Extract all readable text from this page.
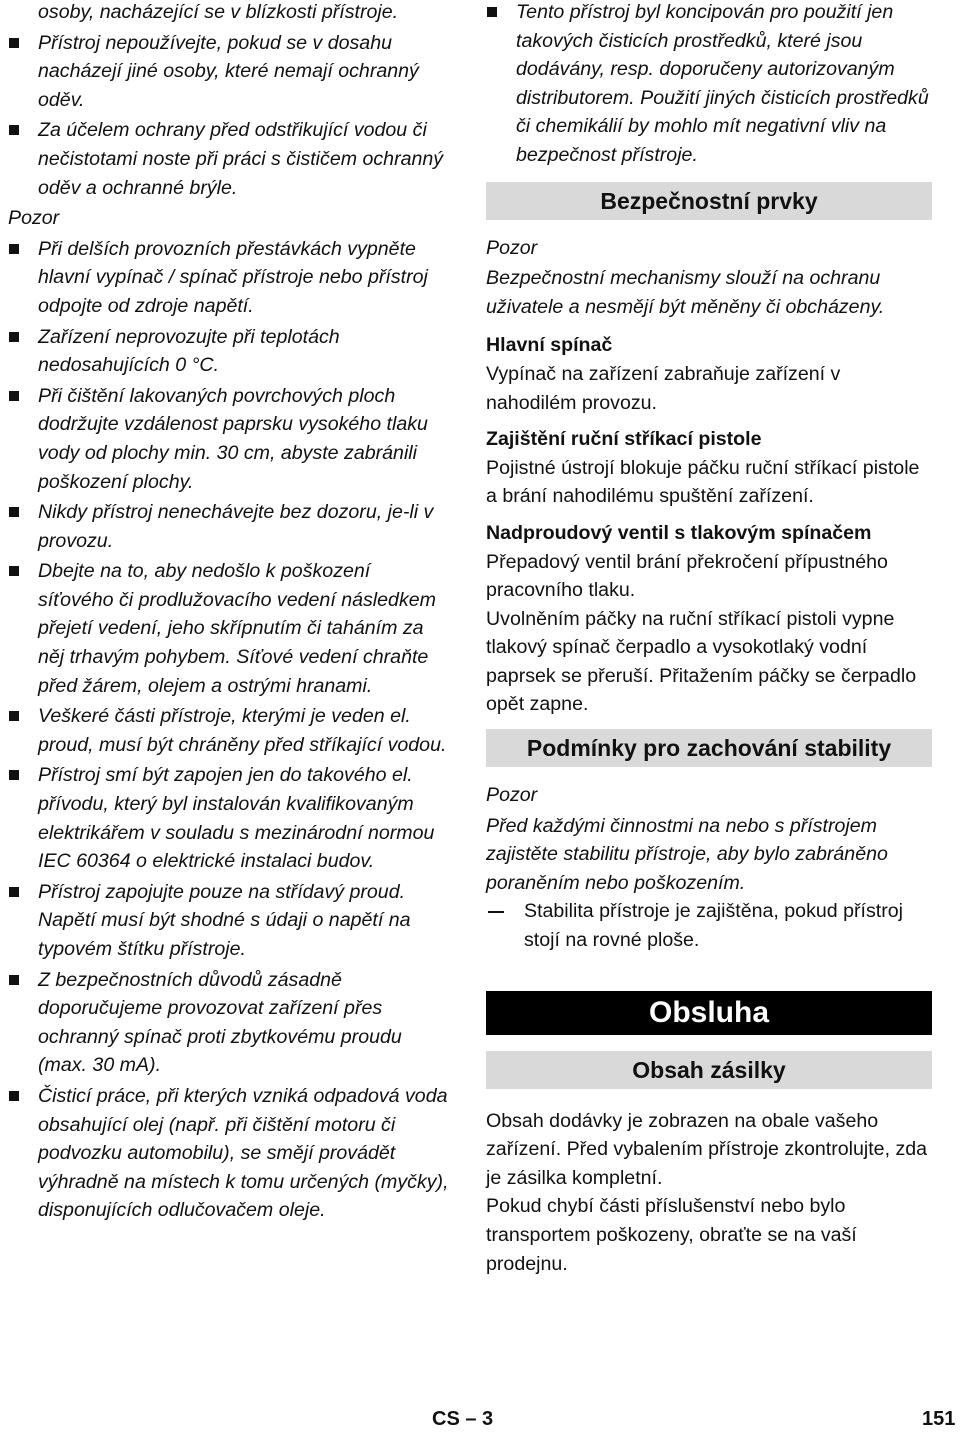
osoby, nacházející se v blízkosti přístroje.
Přístroj nepoužívejte, pokud se v dosahu nacházejí jiné osoby, které nemají ochranný oděv.
Za účelem ochrany před odstřikující vodou či nečistotami noste při práci s čističem ochranný oděv a ochranné brýle.
Pozor
Při delších provozních přestávkách vypněte hlavní vypínač / spínač přístroje nebo přístroj odpojte od zdroje napětí.
Zařízení neprovozujte při teplotách nedosahujících 0 °C.
Při čištění lakovaných povrchových ploch dodržujte vzdálenost paprsku vysokého tlaku vody od plochy min. 30 cm, abyste zabránili poškození plochy.
Nikdy přístroj nenechávejte bez dozoru, je-li v provozu.
Dbejte na to, aby nedošlo k poškození síťového či prodlužovacího vedení následkem přejetí vedení, jeho skřípnutím či taháním za něj trhavým pohybem. Síťové vedení chraňte před žárem, olejem a ostrými hranami.
Veškeré části přístroje, kterými je veden el. proud, musí být chráněny před stříkající vodou.
Přístroj smí být zapojen jen do takového el. přívodu, který byl instalován kvalifikovaným elektrikářem v souladu s mezinárodní normou IEC 60364 o elektrické instalaci budov.
Přístroj zapojujte pouze na střídavý proud. Napětí musí být shodné s údaji o napětí na typovém štítku přístroje.
Z bezpečnostních důvodů zásadně doporučujeme provozovat zařízení přes ochranný spínač proti zbytkovému proudu (max. 30 mA).
Čisticí práce, při kterých vzniká odpadová voda obsahující olej (např. při čištění motoru či podvozku automobilu), se smějí provádět výhradně na místech k tomu určených (myčky), disponujících odlučovačem oleje.
Tento přístroj byl koncipován pro použití jen takových čisticích prostředků, které jsou dodávány, resp. doporučeny autorizovaným distributorem. Použití jiných čisticích prostředků či chemikálií by mohlo mít negativní vliv na bezpečnost přístroje.
Bezpečnostní prvky
Pozor
Bezpečnostní mechanismy slouží na ochranu uživatele a nesmějí být měněny či obcházeny.
Hlavní spínač
Vypínač na zařízení zabraňuje zařízení v nahodilém provozu.
Zajištění ruční stříkací pistole
Pojistné ústrojí blokuje páčku ruční stříkací pistole a brání nahodilému spuštění zařízení.
Nadproudový ventil s tlakovým spínačem
Přepadový ventil brání překročení přípustného pracovního tlaku.
Uvolněním páčky na ruční stříkací pistoli vypne tlakový spínač čerpadlo a vysokotlaký vodní paprsek se přeruší. Přitažením páčky se čerpadlo opět zapne.
Podmínky pro zachování stability
Pozor
Před každými činnostmi na nebo s přístrojem zajistěte stabilitu přístroje, aby bylo zabráněno poraněním nebo poškozením.
Stabilita přístroje je zajištěna, pokud přístroj stojí na rovné ploše.
Obsluha
Obsah zásilky
Obsah dodávky je zobrazen na obale vašeho zařízení. Před vybalením přístroje zkontrolujte, zda je zásilka kompletní.
Pokud chybí části příslušenství nebo bylo transportem poškozeny, obraťte se na vaší prodejnu.
CS – 3	151
